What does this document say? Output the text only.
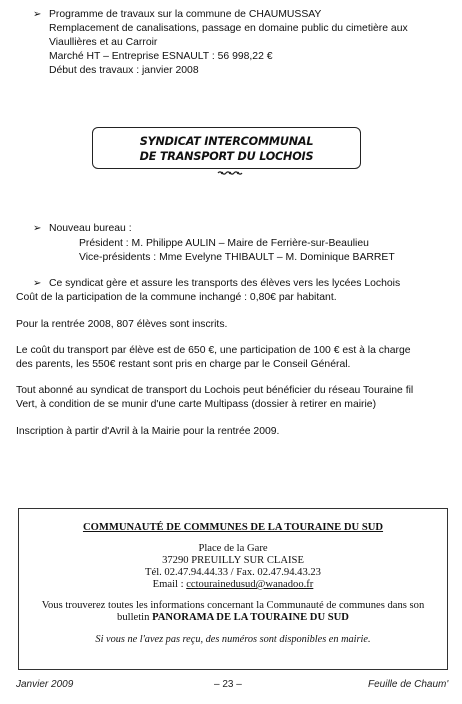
➢ Programme de travaux sur la commune de CHAUMUSSAY
Remplacement de canalisations, passage en domaine public du cimetière aux
Viaullières et au Carroir
Marché HT – Entreprise ESNAULT : 56 998,22 €
Début des travaux : janvier 2008
SYNDICAT INTERCOMMUNAL
DE TRANSPORT DU LOCHOIS
➢ Nouveau bureau :
Président : M. Philippe AULIN – Maire de Ferrière-sur-Beaulieu
Vice-présidents : Mme Evelyne THIBAULT – M. Dominique BARRET
➢ Ce syndicat gère et assure les transports des élèves vers les lycées Lochois
Coût de la participation de la commune inchangé : 0,80€ par habitant.
Pour la rentrée 2008, 807 élèves sont inscrits.
Le coût du transport par élève est de 650 €, une participation de 100 € est à la charge
des parents, les 550€ restant sont pris en charge par le Conseil Général.
Tout abonné au syndicat de transport du Lochois peut bénéficier du réseau Touraine fil
Vert, à condition de se munir d'une carte Multipass (dossier à retirer en mairie)
Inscription à partir d'Avril à la Mairie pour la rentrée 2009.
COMMUNAUTÉ DE COMMUNES DE LA TOURAINE DU SUD
Place de la Gare
37290 PREUILLY SUR CLAISE
Tél. 02.47.94.44.33 / Fax. 02.47.94.43.23
Email : cctourainedusud@wanadoo.fr
Vous trouverez toutes les informations concernant la Communauté de communes dans son
bulletin PANORAMA DE LA TOURAINE DU SUD
Si vous ne l'avez pas reçu, des numéros sont disponibles en mairie.
Janvier 2009	– 23 –	Feuille de Chaum'
